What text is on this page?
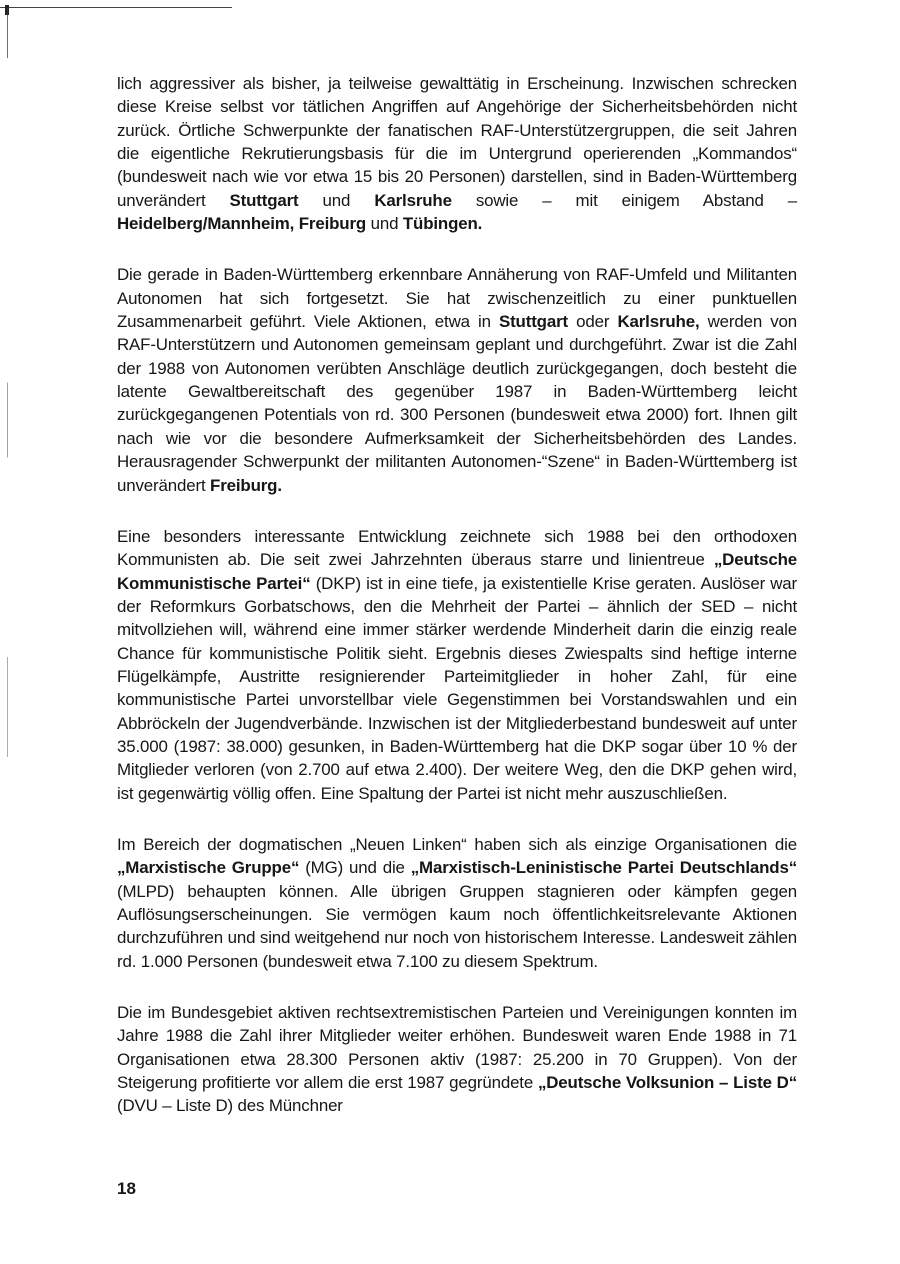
lich aggressiver als bisher, ja teilweise gewalttätig in Erscheinung. Inzwischen schrecken diese Kreise selbst vor tätlichen Angriffen auf Angehörige der Sicherheitsbehörden nicht zurück. Örtliche Schwerpunkte der fanatischen RAF-Unterstützergruppen, die seit Jahren die eigentliche Rekrutierungsbasis für die im Untergrund operierenden „Kommandos“ (bundesweit nach wie vor etwa 15 bis 20 Personen) darstellen, sind in Baden-Württemberg unverändert Stuttgart und Karlsruhe sowie – mit einigem Abstand – Heidelberg/Mannheim, Freiburg und Tübingen.

Die gerade in Baden-Württemberg erkennbare Annäherung von RAF-Umfeld und Militanten Autonomen hat sich fortgesetzt. Sie hat zwischenzeitlich zu einer punktuellen Zusammenarbeit geführt. Viele Aktionen, etwa in Stuttgart oder Karlsruhe, werden von RAF-Unterstützern und Autonomen gemeinsam geplant und durchgeführt. Zwar ist die Zahl der 1988 von Autonomen verübten Anschläge deutlich zurückgegangen, doch besteht die latente Gewaltbereitschaft des gegenüber 1987 in Baden-Württemberg leicht zurückgegangenen Potentials von rd. 300 Personen (bundesweit etwa 2000) fort. Ihnen gilt nach wie vor die besondere Aufmerksamkeit der Sicherheitsbehörden des Landes. Herausragender Schwerpunkt der militanten Autonomen-“Szene“ in Baden-Württemberg ist unverändert Freiburg.

Eine besonders interessante Entwicklung zeichnete sich 1988 bei den orthodoxen Kommunisten ab. Die seit zwei Jahrzehnten überaus starre und linientreue „Deutsche Kommunistische Partei“ (DKP) ist in eine tiefe, ja existentielle Krise geraten. Auslöser war der Reformkurs Gorbatschows, den die Mehrheit der Partei – ähnlich der SED – nicht mitvollziehen will, während eine immer stärker werdende Minderheit darin die einzig reale Chance für kommunistische Politik sieht. Ergebnis dieses Zwiespalts sind heftige interne Flügelkämpfe, Austritte resignierender Parteimitglieder in hoher Zahl, für eine kommunistische Partei unvorstellbar viele Gegenstimmen bei Vorstandswahlen und ein Abbröckeln der Jugendverbände. Inzwischen ist der Mitgliederbestand bundesweit auf unter 35.000 (1987: 38.000) gesunken, in Baden-Württemberg hat die DKP sogar über 10 % der Mitglieder verloren (von 2.700 auf etwa 2.400). Der weitere Weg, den die DKP gehen wird, ist gegenwärtig völlig offen. Eine Spaltung der Partei ist nicht mehr auszuschließen.

Im Bereich der dogmatischen „Neuen Linken“ haben sich als einzige Organisationen die „Marxistische Gruppe“ (MG) und die „Marxistisch-Leninistische Partei Deutschlands“ (MLPD) behaupten können. Alle übrigen Gruppen stagnieren oder kämpfen gegen Auflösungserscheinungen. Sie vermögen kaum noch öffentlichkeitsrelevante Aktionen durchzuführen und sind weitgehend nur noch von historischem Interesse. Landesweit zählen rd. 1.000 Personen (bundesweit etwa 7.100 zu diesem Spektrum.

Die im Bundesgebiet aktiven rechtsextremistischen Parteien und Vereinigungen konnten im Jahre 1988 die Zahl ihrer Mitglieder weiter erhöhen. Bundesweit waren Ende 1988 in 71 Organisationen etwa 28.300 Personen aktiv (1987: 25.200 in 70 Gruppen). Von der Steigerung profitierte vor allem die erst 1987 gegründete „Deutsche Volksunion – Liste D“ (DVU – Liste D) des Münchner

18
